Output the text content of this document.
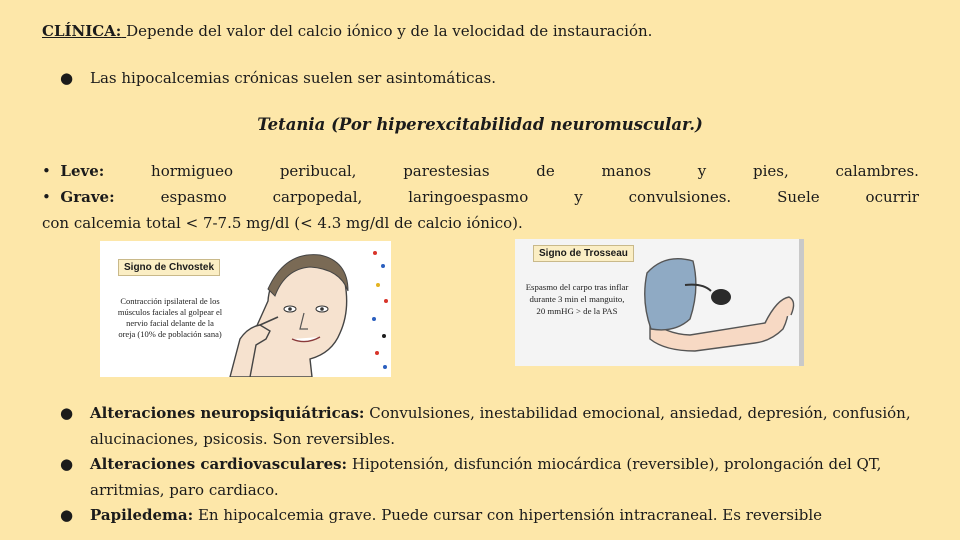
CLÍNICA: Depende del valor del calcio iónico y de la velocidad de instauración.
● Las hipocalcemias crónicas suelen ser asintomáticas.
Tetania (Por hiperexcitabilidad neuromuscular.)
• Leve:	hormigueo	peribucal,	parestesias	de	manos	y	pies,	calambres.
• Grave:	espasmo	carpopedal,	laringoespasmo	y	convulsiones.	Suele	ocurrir
con calcemia total < 7-7.5 mg/dl (< 4.3 mg/dl de calcio iónico).
Signo de Chvostek
Contracción ipsilateral de los
músculos faciales al golpear el
nervio facial delante de la
oreja (10% de población sana)
Signo de Trosseau
Espasmo del carpo tras inflar
durante 3 min el manguito,
20 mmHG > de la PAS
● Alteraciones neuropsiquiátricas: Convulsiones, inestabilidad emocional, ansiedad, depresión, confusión, alucinaciones, psicosis. Son reversibles.
● Alteraciones cardiovasculares: Hipotensión, disfunción miocárdica (reversible), prolongación del QT, arritmias, paro cardiaco.
● Papiledema: En hipocalcemia grave. Puede cursar con hipertensión intracraneal. Es reversible
